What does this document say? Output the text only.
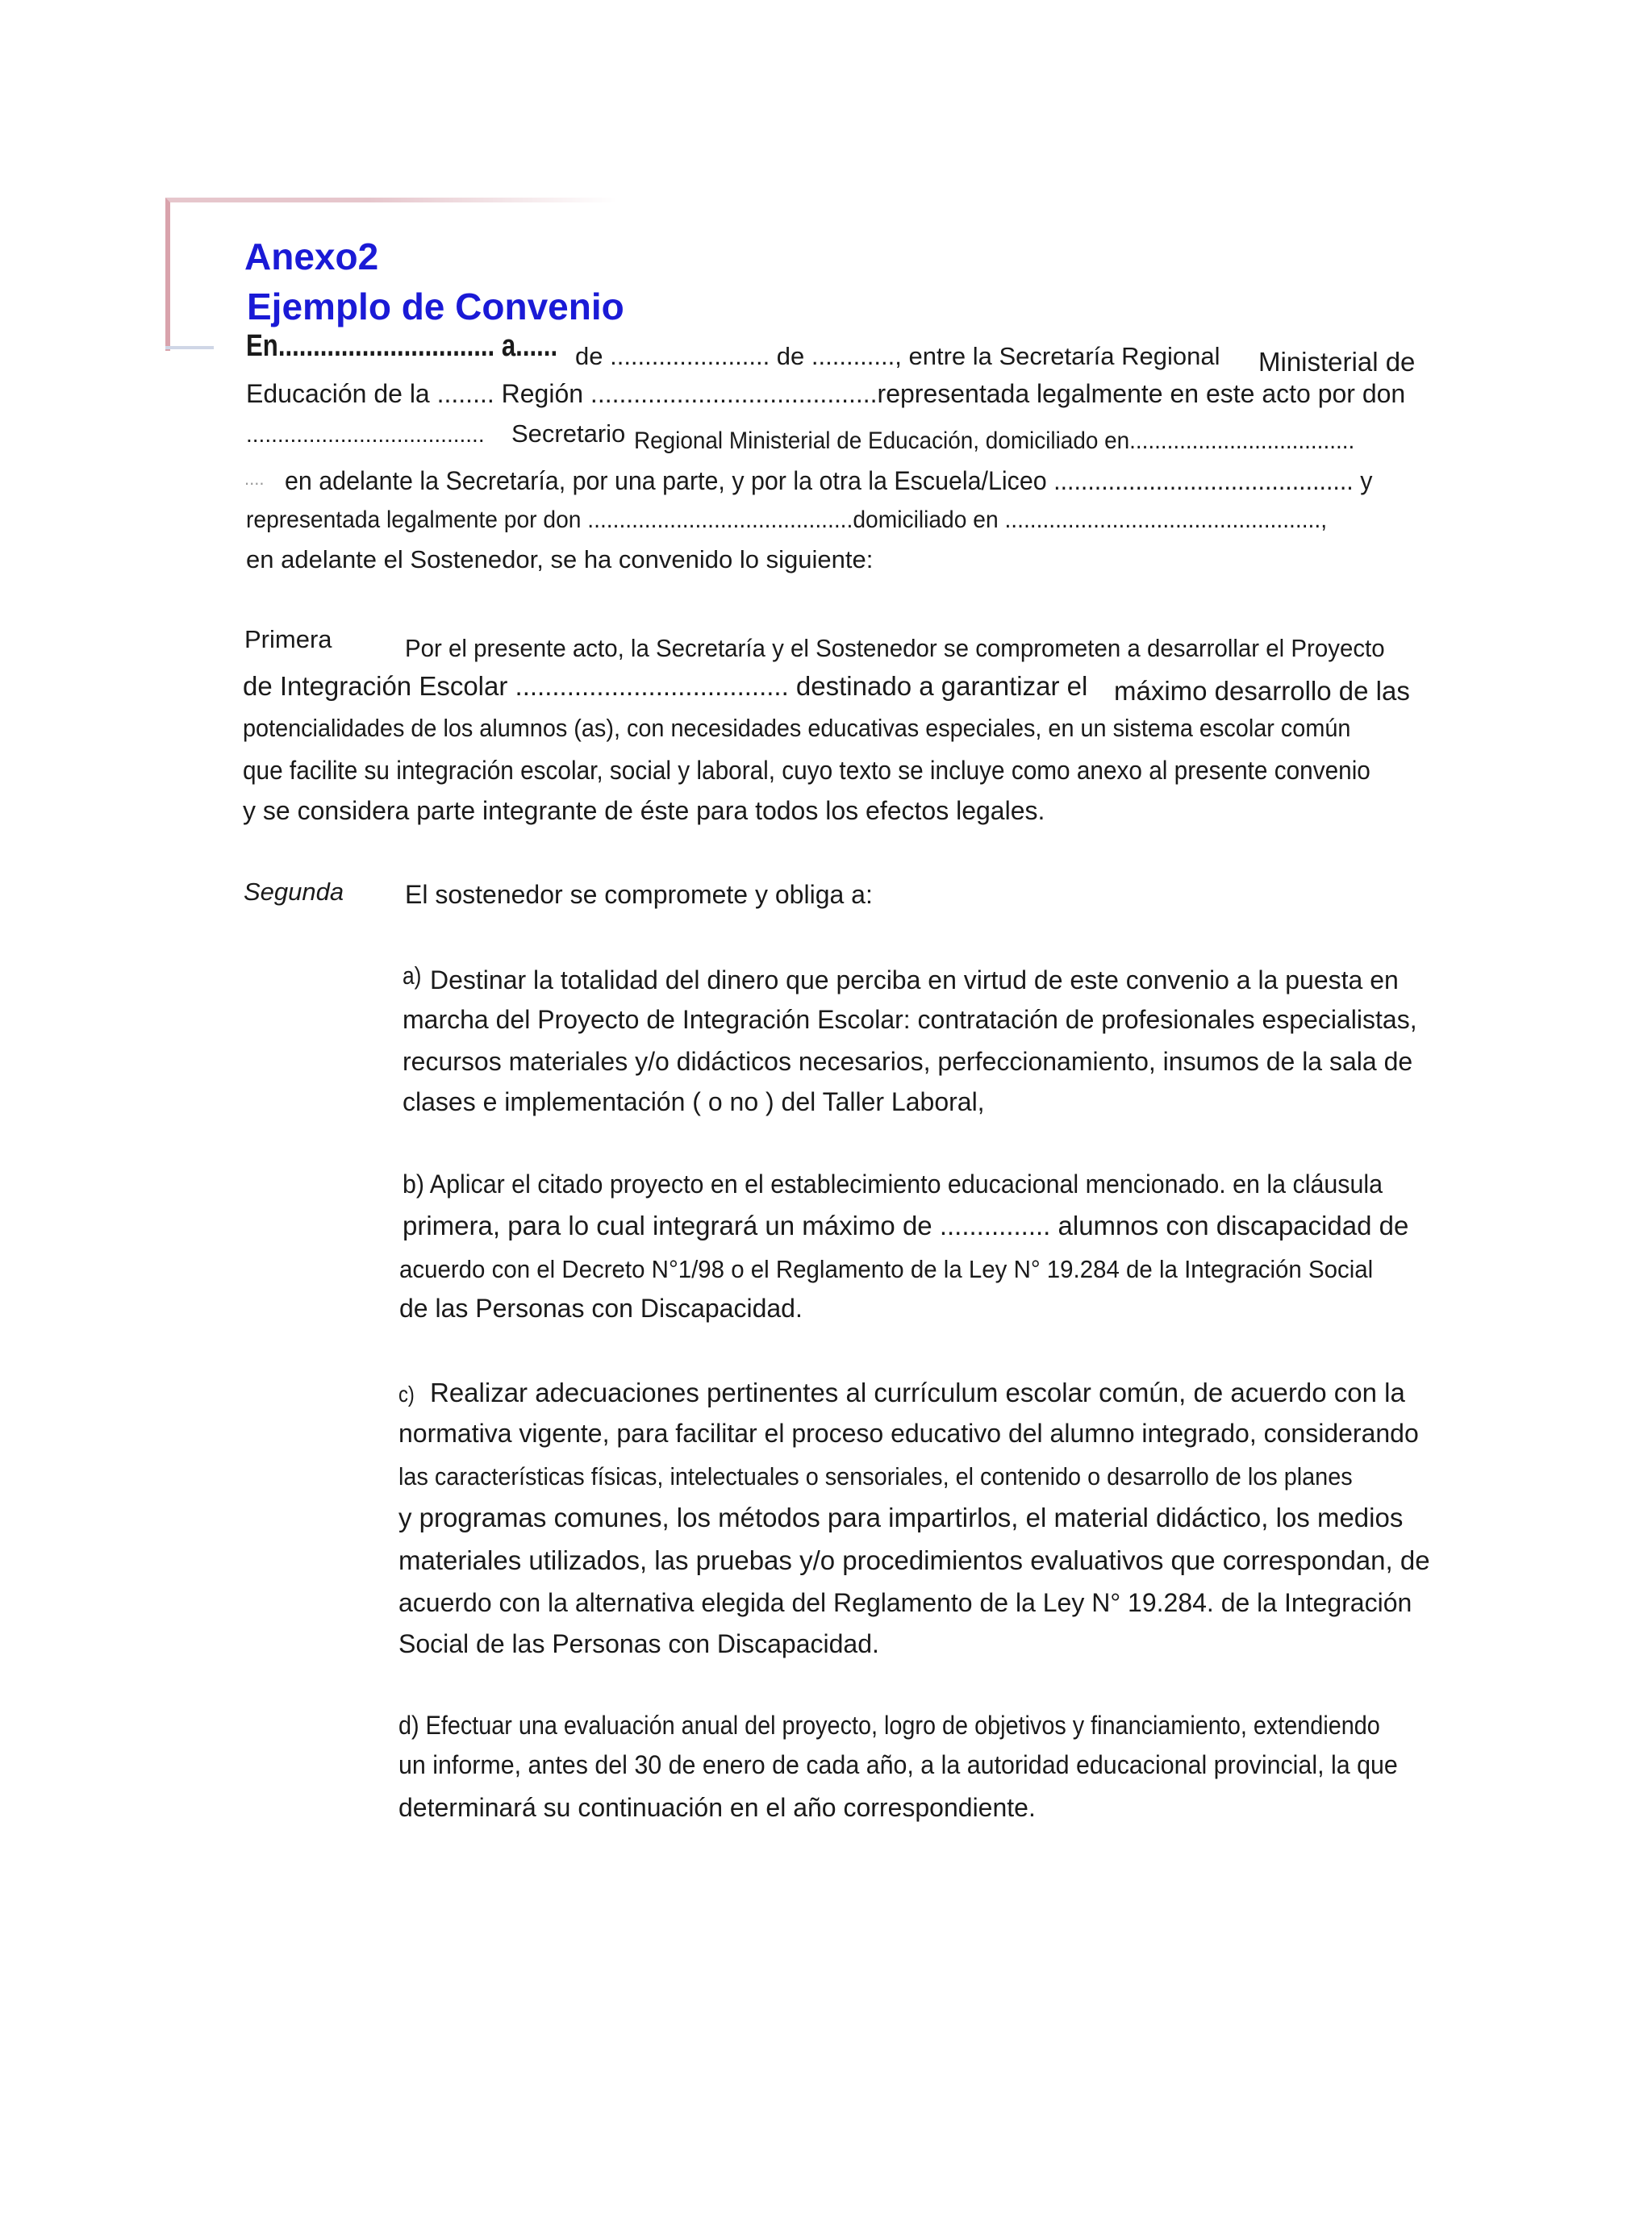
Anexo2
Ejemplo de Convenio
En............................... a...... de ....................... de ............, entre la Secretaría Regional Ministerial de
Educación de la ........ Región ........................................representada legalmente en este acto por don
...................................... Secretario Regional Ministerial de Educación, domiciliado en....................................
.... en adelante la Secretaría, por una parte, y por la otra la Escuela/Liceo ............................................ y
representada legalmente por don ..........................................domiciliado en ..................................................,
en adelante el Sostenedor, se ha convenido lo siguiente:
Primera	Por el presente acto, la Secretaría y el Sostenedor se comprometen a desarrollar el Proyecto
de Integración Escolar ..................................... destinado a garantizar el máximo desarrollo de las
potencialidades de los alumnos (as), con necesidades educativas especiales, en un sistema escolar común
que facilite su integración escolar, social y laboral, cuyo texto se incluye como anexo al presente convenio
y se considera parte integrante de éste para todos los efectos legales.
Segunda El sostenedor se compromete y obliga a:
a) Destinar la totalidad del dinero que perciba en virtud de este convenio a la puesta en
marcha del Proyecto de Integración Escolar: contratación de profesionales especialistas,
recursos materiales y/o didácticos necesarios, perfeccionamiento, insumos de la sala de
clases e implementación ( o no ) del Taller Laboral,
b) Aplicar el citado proyecto en el establecimiento educacional mencionado. en la cláusula
primera, para lo cual integrará un máximo de ............... alumnos con discapacidad de
acuerdo con el Decreto N°1/98 o el Reglamento de la Ley N° 19.284 de la Integración Social
de las Personas con Discapacidad.
c) Realizar adecuaciones pertinentes al currículum escolar común, de acuerdo con la
normativa vigente, para facilitar el proceso educativo del alumno integrado, considerando
las características físicas, intelectuales o sensoriales, el contenido o desarrollo de los planes
y programas comunes, los métodos para impartirlos, el material didáctico, los medios
materiales utilizados, las pruebas y/o procedimientos evaluativos que correspondan, de
acuerdo con la alternativa elegida del Reglamento de la Ley N° 19.284. de la Integración
Social de las Personas con Discapacidad.
d) Efectuar una evaluación anual del proyecto, logro de objetivos y financiamiento, extendiendo
un informe, antes del 30 de enero de cada año, a la autoridad educacional provincial, la que
determinará su continuación en el año correspondiente.
